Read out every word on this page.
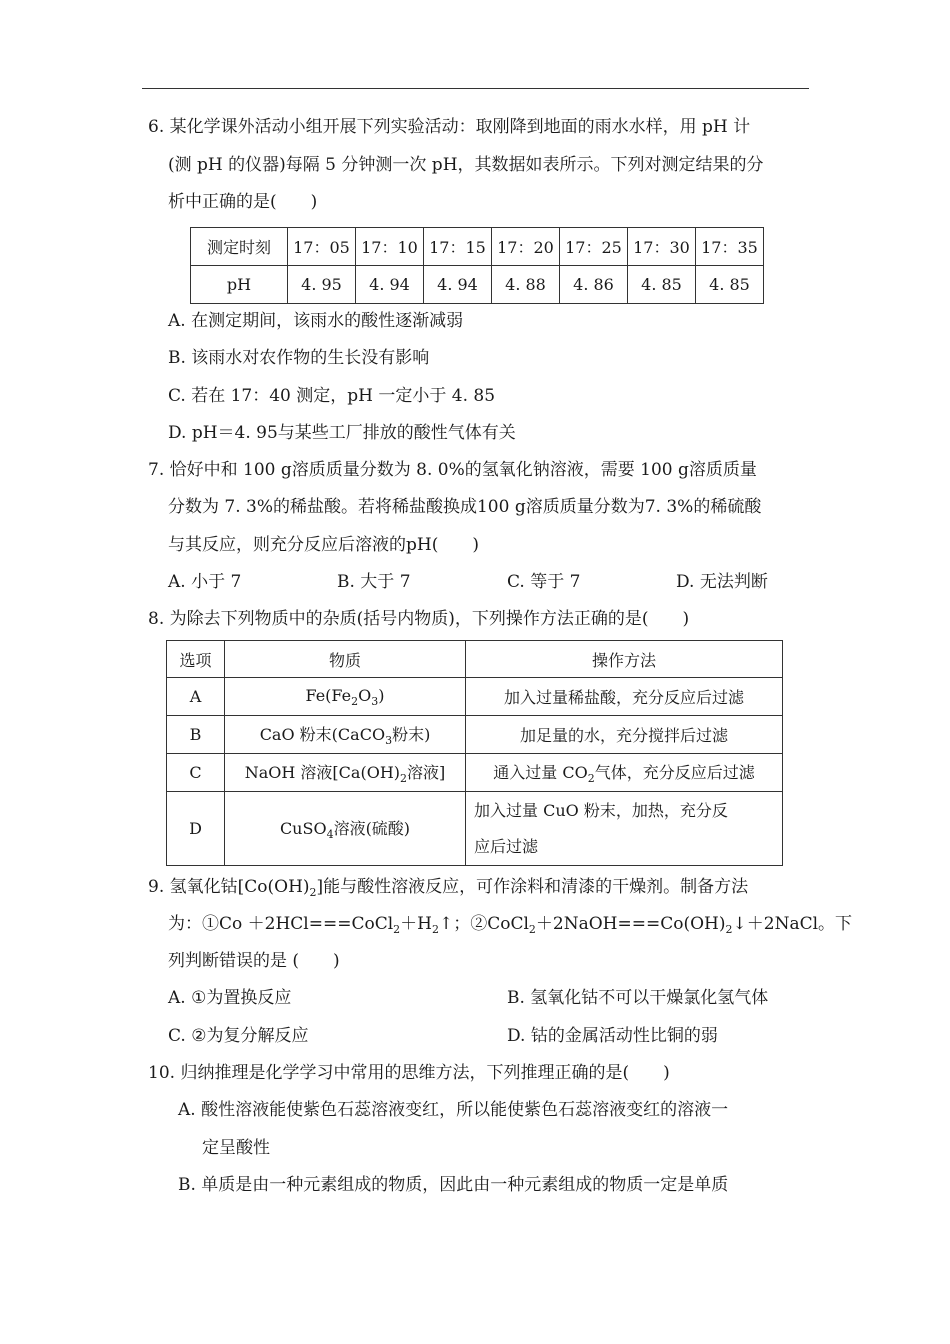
6. 某化学课外活动小组开展下列实验活动：取刚降到地面的雨水水样，用 pH 计
(测 pH 的仪器)每隔 5 分钟测一次 pH，其数据如表所示。下列对测定结果的分
析中正确的是(　　)
测定时刻	17：05	17：10	17：15	17：20	17：25	17：30	17：35
pH	4. 95	4. 94	4. 94	4. 88	4. 86	4. 85	4. 85
A. 在测定期间，该雨水的酸性逐渐减弱
B. 该雨水对农作物的生长没有影响
C. 若在 17：40 测定，pH 一定小于 4. 85
D. pH＝4. 95与某些工厂排放的酸性气体有关
7. 恰好中和 100 g溶质质量分数为 8. 0%的氢氧化钠溶液，需要 100 g溶质质量
分数为 7. 3%的稀盐酸。若将稀盐酸换成100 g溶质质量分数为7. 3%的稀硫酸
与其反应，则充分反应后溶液的pH(　　)
A. 小于 7	B. 大于 7	C. 等于 7	D. 无法判断
8. 为除去下列物质中的杂质(括号内物质)，下列操作方法正确的是(　　)
选项	物质	操作方法
A	$Fe(Fe_2O_3)$	加入过量稀盐酸，充分反应后过滤
B	CaO 粉末(CaCO$_3$粉末)	加足量的水，充分搅拌后过滤
C	NaOH 溶液[$Ca(OH)_2$溶液]	通入过量 $CO_2$气体，充分反应后过滤
D	CuSO$_4$溶液(硫酸)	加入过量 CuO 粉末，加热，充分反
应后过滤
9. 氢氧化钴$[Co(OH)_2]$能与酸性溶液反应，可作涂料和清漆的干燥剂。制备方法
为：①Co $+2HCl===CoCl_2+H_2↑$；$②CoCl_2+2NaOH===Co(OH)_2↓+2NaCl$。下
列判断错误的是 (　　)
A. ①为置换反应	B. 氢氧化钴不可以干燥氯化氢气体
C. ②为复分解反应	D. 钴的金属活动性比铜的弱
10. 归纳推理是化学学习中常用的思维方法，下列推理正确的是(　　)
A. 酸性溶液能使紫色石蕊溶液变红，所以能使紫色石蕊溶液变红的溶液一
定呈酸性
B. 单质是由一种元素组成的物质，因此由一种元素组成的物质一定是单质
